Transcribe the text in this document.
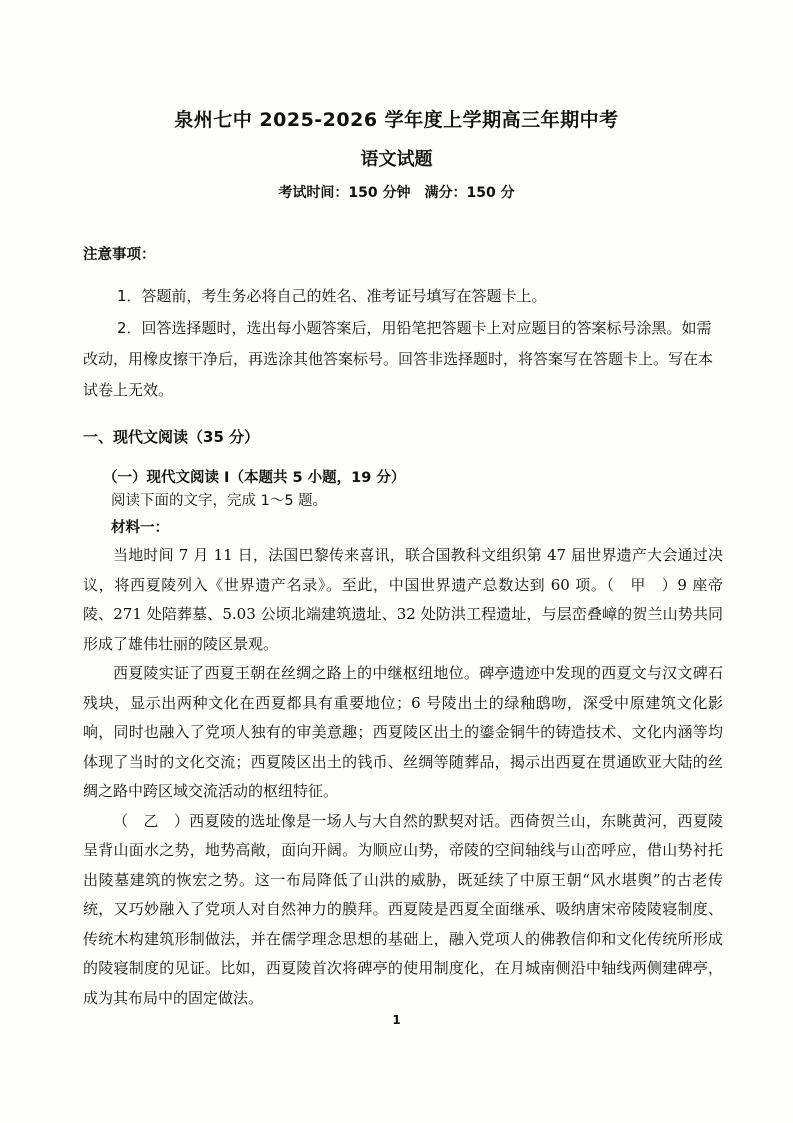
泉州七中 2025-2026 学年度上学期高三年期中考
语文试题
考试时间：150 分钟　满分：150 分
注意事项：
1．答题前，考生务必将自己的姓名、准考证号填写在答题卡上。
2．回答选择题时，选出每小题答案后，用铅笔把答题卡上对应题目的答案标号涂黑。如需改动，用橡皮擦干净后，再选涂其他答案标号。回答非选择题时，将答案写在答题卡上。写在本试卷上无效。
一、现代文阅读（35 分）
（一）现代文阅读 Ⅰ（本题共 5 小题，19 分）
阅读下面的文字，完成 1～5 题。
材料一：

当地时间 7 月 11 日，法国巴黎传来喜讯，联合国教科文组织第 47 届世界遗产大会通过决议，将西夏陵列入《世界遗产名录》。至此，中国世界遗产总数达到 60 项。（　甲　）9 座帝陵、271 处陪葬墓、5.03 公顷北端建筑遗址、32 处防洪工程遗址，与层峦叠嶂的贺兰山势共同形成了雄伟壮丽的陵区景观。

西夏陵实证了西夏王朝在丝绸之路上的中继枢纽地位。碑亭遗迹中发现的西夏文与汉文碑石残块，显示出两种文化在西夏都具有重要地位；6 号陵出土的绿釉鸱吻，深受中原建筑文化影响，同时也融入了党项人独有的审美意趣；西夏陵区出土的鎏金铜牛的铸造技术、文化内涵等均体现了当时的文化交流；西夏陵区出土的钱币、丝绸等随葬品，揭示出西夏在贯通欧亚大陆的丝绸之路中跨区域交流活动的枢纽特征。

（　乙　）西夏陵的选址像是一场人与大自然的默契对话。西倚贺兰山，东眺黄河，西夏陵呈背山面水之势，地势高敞，面向开阔。为顺应山势，帝陵的空间轴线与山峦呼应，借山势衬托出陵墓建筑的恢宏之势。这一布局降低了山洪的威胁，既延续了中原王朝“风水堪舆”的古老传统，又巧妙融入了党项人对自然神力的膜拜。西夏陵是西夏全面继承、吸纳唐宋帝陵陵寝制度、传统木构建筑形制做法，并在儒学理念思想的基础上，融入党项人的佛教信仰和文化传统所形成的陵寝制度的见证。比如，西夏陵首次将碑亭的使用制度化，在月城南侧沿中轴线两侧建碑亭，成为其布局中的固定做法。

1
